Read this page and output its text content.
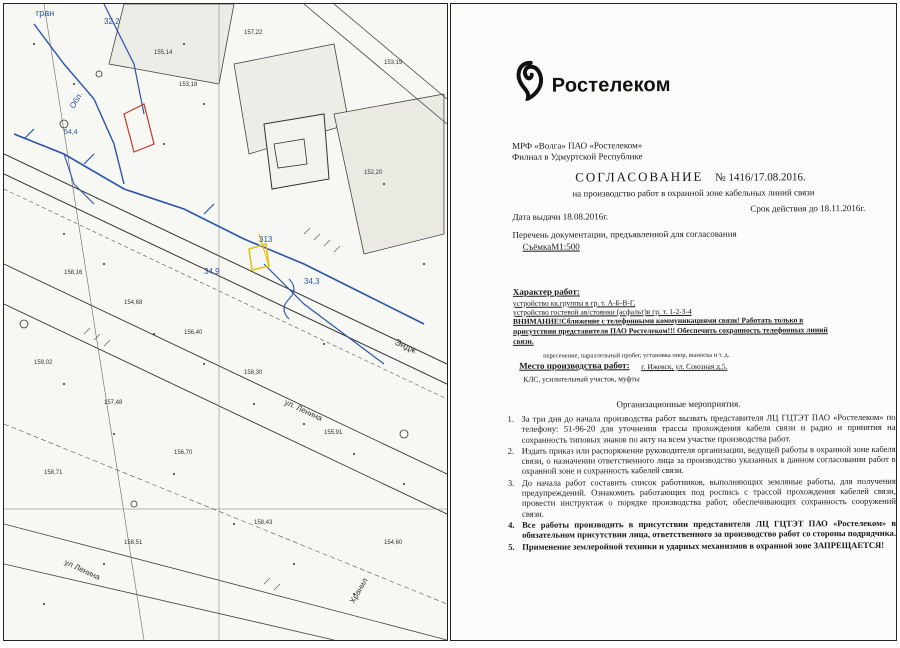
гран
32,2
Обл.
313
34,9
34,3
54,4
Эндж
ул. Ленина
ул Ленина
Хранил
155,14
153,18
157,22
158,16
154,68
156,40
159,02
158,30
157,48
155,91
156,70
158,71
152,20
153,15
158,43
158,51	154,60
Ростелеком
МРФ «Волга» ПАО «Ростелеком»
Филиал в Удмуртской Республике
СОГЛАСОВАНИЕ № 1416/17.08.2016.
на производство работ в охранной зоне кабельных линий связи
Дата выдачи 18.08.2016г.
Срок действия до 18.11.2016г.
Перечень документации, предъявленной для согласования
СъёмкаМ1:500
Характер работ:
устройство кк.группы в гр. т. А-Б-В-Г,
устройство гостевой ав/стоянки (асфальт)в гр. т. 1-2-3-4
ВНИМАНИЕ!Сближение с телефонными коммуникациями связи! Работать только в
присутствии представителя ПАО Ростелеком!!! Обеспечить сохранность телефонных линий
связи.
пересечение, параллельный пробег, установка опор, выноска и т. д.
Место производства работ: г. Ижевск, ул. Союзная д.5.
КЛС, усилительный участок, муфты
Организационные мероприятия.
1. За три дня до начала производства работ вызвать представителя ЛЦ ГЦТЭТ ПАО «Ростелеком» по телефону: 51-96-20 для уточнения трассы прохождения кабеля связи и радио и принятия на сохранность типовых знаков по акту на всем участке производства работ.
2. Издать приказ или распоряжение руководителя организации, ведущей работы в охранной зоне кабеля связи, о назначении ответственного лица за производство указанных в данном согласовании работ в охранной зоне и сохранность кабелей связи.
3. До начала работ составить список работников, выполняющих земляные работы, для получения предупреждений. Ознакомить работающих под роспись с трассой прохождения кабелей связи, провести инструктаж о порядке производства работ, обеспечивающих сохранность сооружений связи.
4. Все работы производить в присутствии представителя ЛЦ ГЦТЭТ ПАО «Ростелеком» в обязательном присутствии лица, ответственного за производство работ со стороны подрядчика.
5. Применение землеройной техники и ударных механизмов в охранной зоне ЗАПРЕЩАЕТСЯ!
